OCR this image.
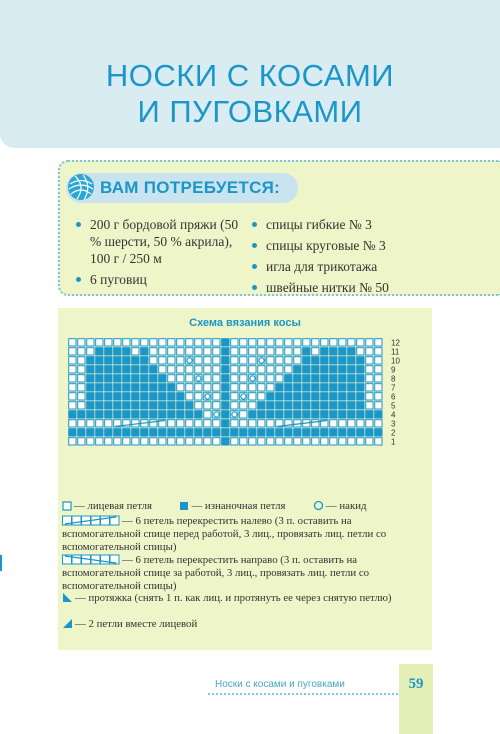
НОСКИ С КОСАМИ
И ПУГОВКАМИ
ВАМ ПОТРЕБУЕТСЯ:
200 г бордовой пряжи (50 % шерсти, 50 % акрила), 100 г / 250 м
6 пуговиц
спицы гибкие № 3
спицы круговые № 3
игла для трикотажа
швейные нитки № 50
Схема вязания косы
12
11
10
9
8
7
6
5
4
3
2
1
— лицевая петля	— изнаночная петля	— накид
— 6 петель перекрестить налево (3 п. оставить на вспомогательной спице перед работой, 3 лиц., провязать лиц. петли со вспомогательной спицы)
— 6 петель перекрестить направо (3 п. оставить на вспомогательной спице за работой, 3 лиц., провязать лиц. петли со вспомогательной спицы)
— протяжка (снять 1 п. как лиц. и протянуть ее через снятую петлю)
— 2 петли вместе лицевой
Носки с косами и пуговками	59
